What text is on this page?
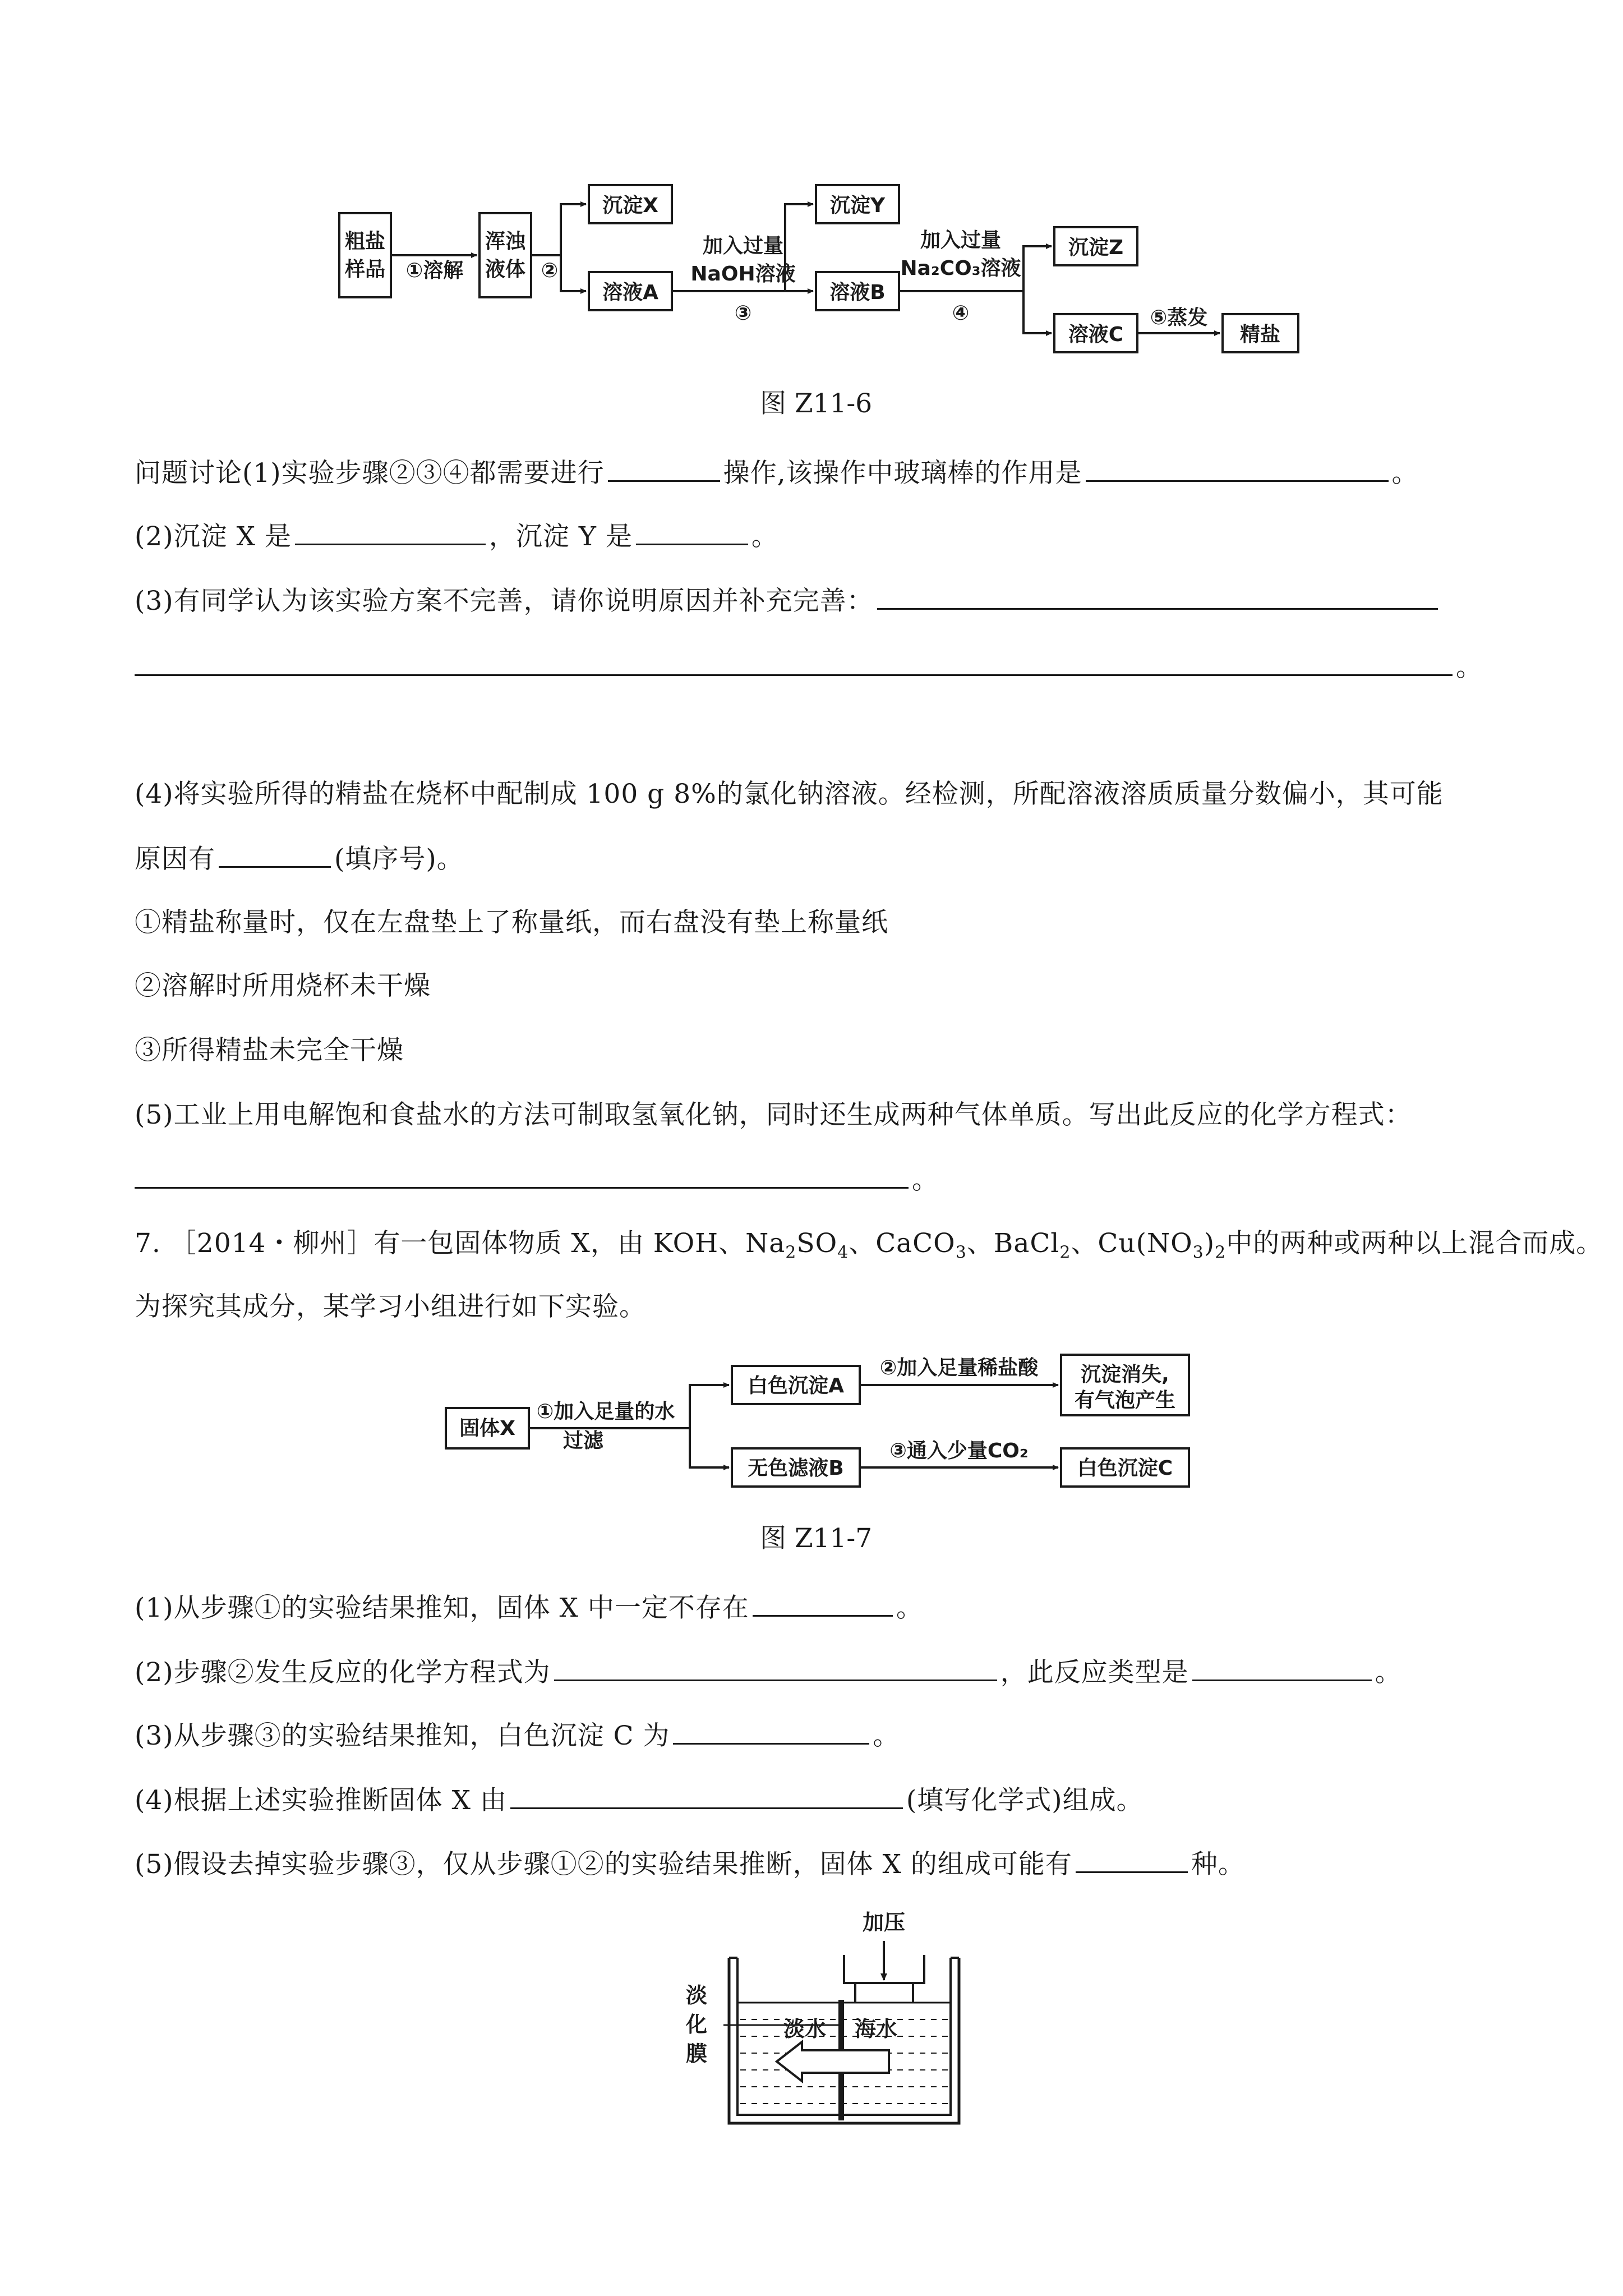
粗盐
样品
浑浊
液体
沉淀X
溶液A
沉淀Y
溶液B
沉淀Z
溶液C	精盐
①溶解	②
加入过量
NaOH溶液
③
加入过量
Na₂CO₃溶液
④	⑤蒸发
图 Z11-6
问题讨论(1)实验步骤②③④都需要进行	操作,该操作中玻璃棒的作用是	。
(2)沉淀 X 是	，沉淀 Y 是	。
(3)有同学认为该实验方案不完善，请你说明原因并补充完善：
。
(4)将实验所得的精盐在烧杯中配制成 100 g 8%的氯化钠溶液。经检测，所配溶液溶质质量分数偏小，其可能
原因有	(填序号)。
①精盐称量时，仅在左盘垫上了称量纸，而右盘没有垫上称量纸
②溶解时所用烧杯未干燥
③所得精盐未完全干燥
(5)工业上用电解饱和食盐水的方法可制取氢氧化钠，同时还生成两种气体单质。写出此反应的化学方程式：
。
7. ［2014・柳州］有一包固体物质 X，由 KOH、$Na_2SO_4$、CaCO$_3$、BaCl$_2$、$Cu(NO_3)_2$中的两种或两种以上混合而成。
为探究其成分，某学习小组进行如下实验。
固体X
①加入足量的水
过滤
白色沉淀A
②加入足量稀盐酸 沉淀消失,
有气泡产生
无色滤液B
③通入少量CO₂
白色沉淀C
图 Z11-7
(1)从步骤①的实验结果推知，固体 X 中一定不存在	。
(2)步骤②发生反应的化学方程式为	，此反应类型是	。
(3)从步骤③的实验结果推知，白色沉淀 C 为	。
(4)根据上述实验推断固体 X 由	(填写化学式)组成。
(5)假设去掉实验步骤③，仅从步骤①②的实验结果推断，固体 X 的组成可能有	种。
加压
淡
化
膜
淡水 海水
